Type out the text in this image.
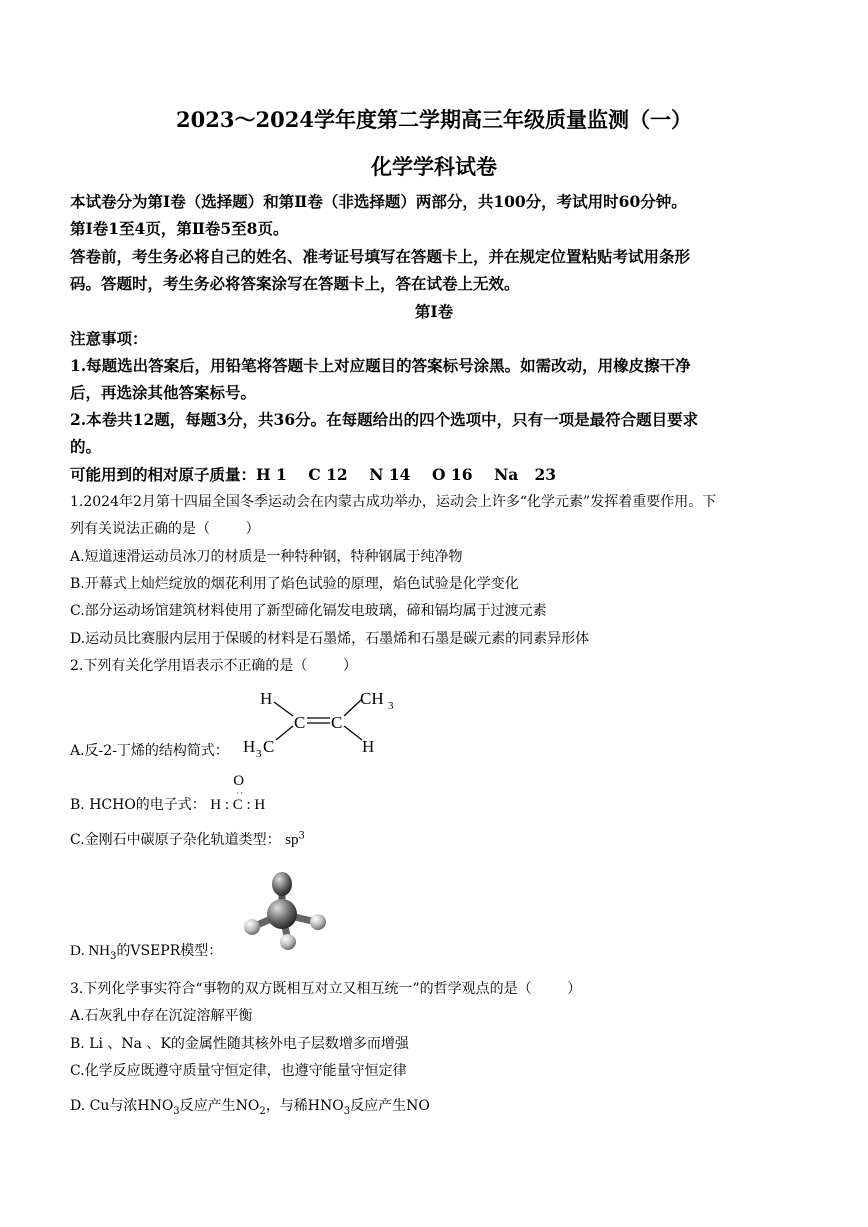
2023～2024学年度第二学期高三年级质量监测（一）
化学学科试卷
本试卷分为第Ⅰ卷（选择题）和第Ⅱ卷（非选择题）两部分，共100分，考试用时60分钟。
第Ⅰ卷1至4页，第Ⅱ卷5至8页。
答卷前，考生务必将自己的姓名、准考证号填写在答题卡上，并在规定位置粘贴考试用条形
码。答题时，考生务必将答案涂写在答题卡上，答在试卷上无效。
第Ⅰ卷
注意事项：
1.每题选出答案后，用铅笔将答题卡上对应题目的答案标号涂黑。如需改动，用橡皮擦干净
后，再选涂其他答案标号。
2.本卷共12题，每题3分，共36分。在每题给出的四个选项中，只有一项是最符合题目要求
的。
可能用到的相对原子质量：H 1    C 12    N 14    O 16    Na   23
1.2024年2月第十四届全国冬季运动会在内蒙古成功举办，运动会上许多“化学元素”发挥着重要作用。下
列有关说法正确的是（        ）
A.短道速滑运动员冰刀的材质是一种特种钢，特种钢属于纯净物
B.开幕式上灿烂绽放的烟花利用了焰色试验的原理，焰色试验是化学变化
C.部分运动场馆建筑材料使用了新型碲化镉发电玻璃，碲和镉均属于过渡元素
D.运动员比赛服内层用于保暖的材料是石墨烯，石墨烯和石墨是碳元素的同素异形体
2.下列有关化学用语表示不正确的是（        ）
A.反-2-丁烯的结构简式：
H	CH 3
C C
H 3 C	H
B. HCHO的电子式：
O
··
H : C : H
C.金刚石中碳原子杂化轨道类型： $sp^3$
D. $NH_3$的VSEPR模型：
3.下列化学事实符合“事物的双方既相互对立又相互统一”的哲学观点的是（        ）
A.石灰乳中存在沉淀溶解平衡
B. Li 、Na 、K的金属性随其核外电子层数增多而增强
C.化学反应既遵守质量守恒定律，也遵守能量守恒定律
D. Cu与浓$HNO_3$反应产生$NO_2$，与稀$HNO_3$反应产生NO
